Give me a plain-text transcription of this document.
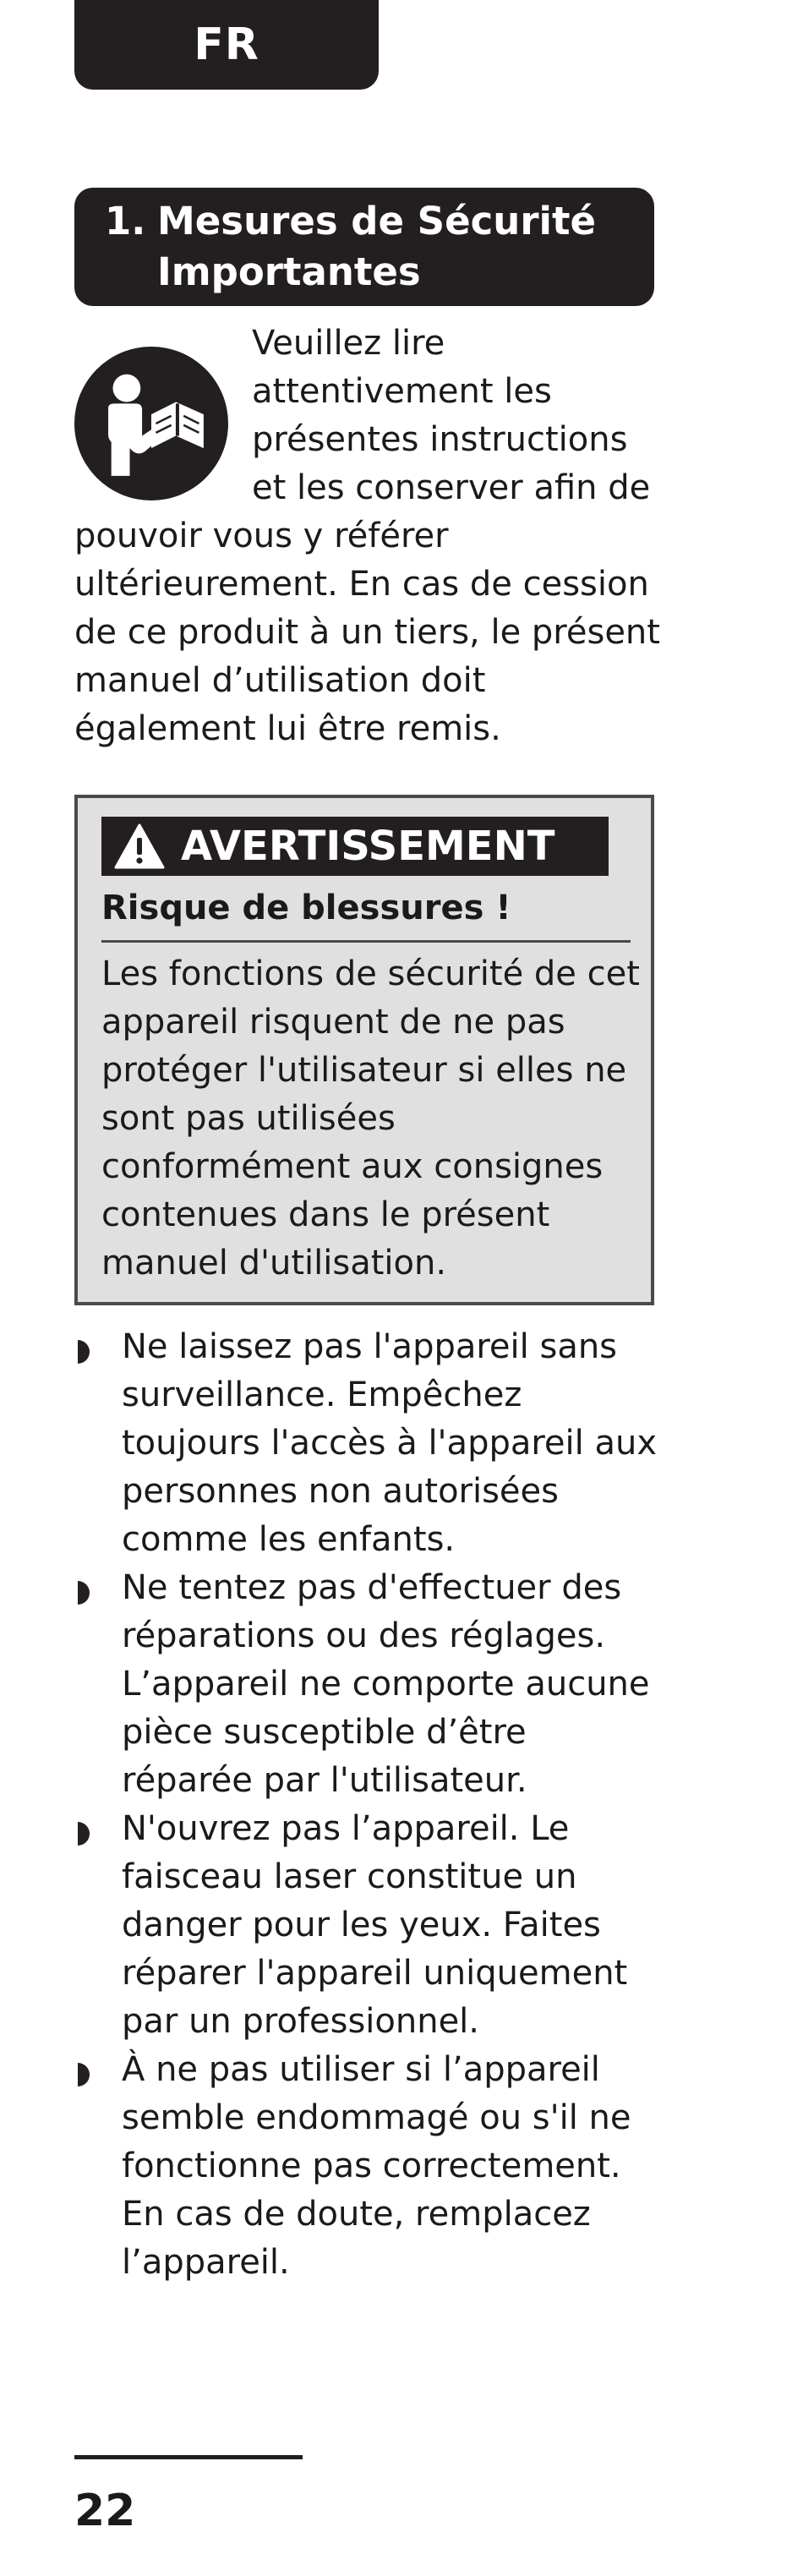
FR
1. Mesures de Sécurité
Importantes

Veuillez lire attentivement les présentes instructions et les conserver afin de pouvoir vous y référer ultérieurement. En cas de cession de ce produit à un tiers, le présent manuel d’utilisation doit également lui être remis.

AVERTISSEMENT

Risque de blessures !

Les fonctions de sécurité de cet appareil risquent de ne pas protéger l'utilisateur si elles ne sont pas utilisées conformément aux consignes contenues dans le présent manuel d'utilisation.

Ne laissez pas l'appareil sans surveillance. Empêchez toujours l'accès à l'appareil aux personnes non autorisées comme les enfants.
Ne tentez pas d'effectuer des réparations ou des réglages. L’appareil ne comporte aucune pièce susceptible d’être réparée par l'utilisateur.
N'ouvrez pas l’appareil. Le faisceau laser constitue un danger pour les yeux. Faites réparer l'appareil uniquement par un professionnel.
À ne pas utiliser si l’appareil semble endommagé ou s'il ne fonctionne pas correctement. En cas de doute, remplacez l’appareil.
22
